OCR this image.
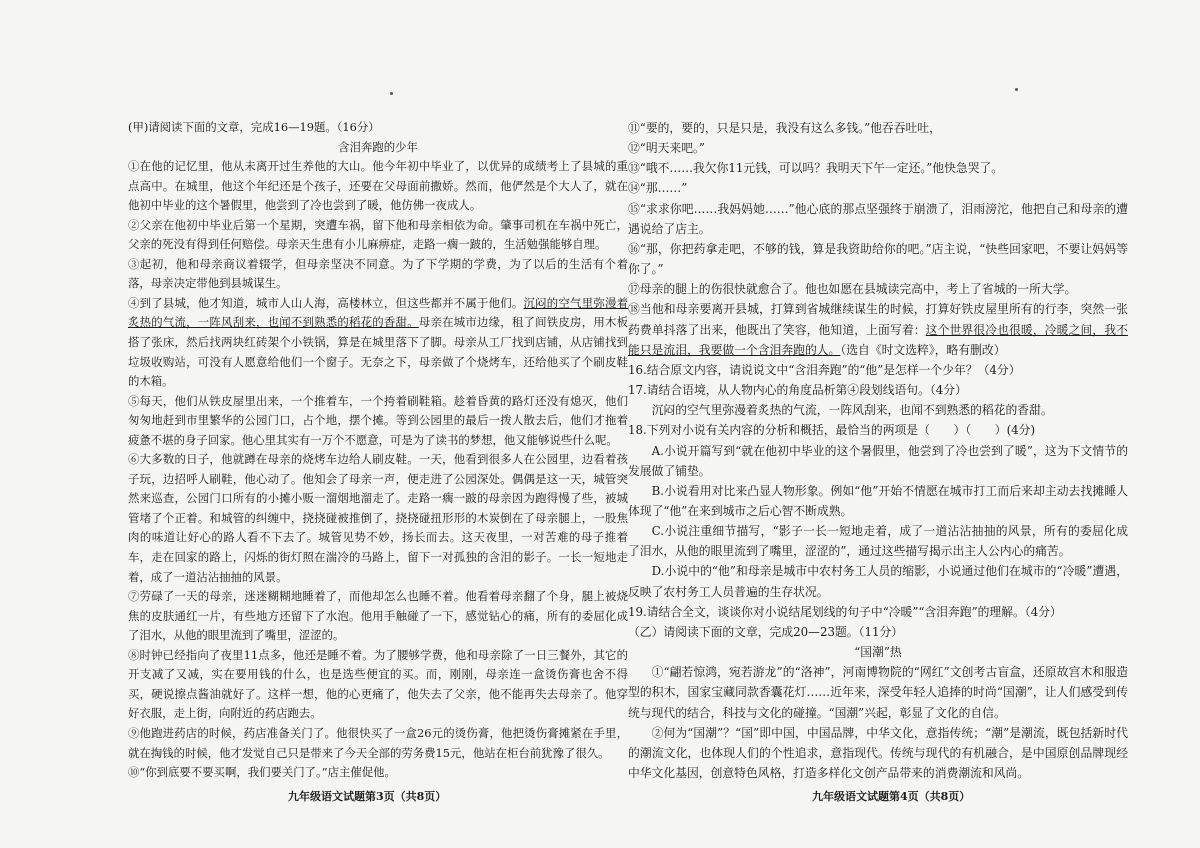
(甲)请阅读下面的文章，完成16—19题。（16分）

含泪奔跑的少年

①在他的记忆里，他从未离开过生养他的大山。他今年初中毕业了，以优异的成绩考上了县城的重点高中。在城里，他这个年纪还是个孩子，还要在父母面前撒娇。然而，他俨然是个大人了，就在他初中毕业的这个暑假里，他尝到了冷也尝到了暖，他仿佛一夜成人。

②父亲在他初中毕业后第一个星期，突遭车祸，留下他和母亲相依为命。肇事司机在车祸中死亡，父亲的死没有得到任何赔偿。母亲天生患有小儿麻痹症，走路一瘸一跛的，生活勉强能够自理。

③起初，他和母亲商议着辍学，但母亲坚决不同意。为了下学期的学费，为了以后的生活有个着落，母亲决定带他到县城谋生。

④到了县城，他才知道，城市人山人海，高楼林立，但这些都并不属于他们。沉闷的空气里弥漫着炙热的气流，一阵风刮来，也闻不到熟悉的稻花的香甜。母亲在城市边缘，租了间铁皮房，用木板搭了张床，然后找两块红砖架个小铁锅，算是在城里落下了脚。母亲从工厂找到店铺，从店铺找到垃圾收购站，可没有人愿意给他们一个窗子。无奈之下，母亲做了个烧烤车，还给他买了个刷皮鞋的木箱。

⑤每天，他们从铁皮屋里出来，一个推着车，一个挎着刷鞋箱。趁着昏黄的路灯还没有熄灭，他们匆匆地赶到市里繁华的公园门口，占个地，摆个摊。等到公园里的最后一拨人散去后，他们才拖着疲惫不堪的身子回家。他心里其实有一万个不愿意，可是为了读书的梦想，他又能够说些什么呢。

⑥大多数的日子，他就蹲在母亲的烧烤车边给人刷皮鞋。一天，他看到很多人在公园里，边看着孩子玩，边招呼人刷鞋，他心动了。他知会了母亲一声，便走进了公园深处。偶偶是这一天，城管突然来巡查，公园门口所有的小摊小贩一溜烟地溜走了。走路一瘸一跛的母亲因为跑得慢了些，被城管堵了个正着。和城管的纠缠中，挠挠碰被推倒了，挠挠碰扭形形的木炭倒在了母亲腿上，一股焦肉的味道让好心的路人看不下去了。城管见势不妙，扬长而去。这天夜里，一对苦难的母子推着车，走在回家的路上，闪烁的街灯照在湍冷的马路上，留下一对孤独的含泪的影子。一长一短地走着，成了一道沾沾抽抽的风景。

⑦劳碌了一天的母亲，迷迷糊糊地睡着了，而他却怎么也睡不着。他看着母亲翻了个身，腿上被烧焦的皮肤通红一片，有些地方还留下了水泡。他用手触碰了一下，感觉钻心的痛，所有的委屈化成了泪水，从他的眼里流到了嘴里，涩涩的。

⑧时钟已经指向了夜里11点多，他还是睡不着。为了腰够学费，他和母亲除了一日三餐外，其它的开支减了又减，实在要用钱的什么，也是选些便宜的买。而，刚刚，母亲连一盒烫伤膏也舍不得买，硬说擦点酱油就好了。这样一想，他的心更痛了，他失去了父亲，他不能再失去母亲了。他穿好衣服，走上街，向附近的药店跑去。

⑨他跑进药店的时候，药店准备关门了。他很快买了一盒26元的烫伤膏，他把烫伤膏摊紧在手里，就在掏钱的时候，他才发觉自己只是带来了今天全部的劳务费15元，他站在柜台前犹豫了很久。

⑩“你到底要不要买啊，我们要关门了。”店主催促他。

九年级语文试题第3页（共8页）

⑪“要的，要的，只是只是，我没有这么多钱。”他吞吞吐吐，

⑫“明天来吧。”

⑬“哦不……我欠你11元钱，可以吗？我明天下午一定还。”他快急哭了。

⑭“那……”

⑮“求求你吧……我妈妈她……”他心底的那点坚强终于崩溃了，泪雨滂沱，他把自己和母亲的遭遇说给了店主。

⑯“那，你把药拿走吧，不够的钱，算是我资助给你的吧。”店主说，“快些回家吧，不要让妈妈等你了。”

⑰母亲的腿上的伤很快就愈合了。他也如愿在县城读完高中，考上了省城的一所大学。

⑱当他和母亲要离开县城，打算到省城继续谋生的时候，打算好铁皮屋里所有的行李，突然一张药费单抖落了出来，他既出了笑容，他知道，上面写着：这个世界很冷也很暖，冷暖之间，我不能只是流泪，我要做一个含泪奔跑的人。（选自《时文选粹》，略有删改）

16.结合原文内容，请说说文中“含泪奔跑”的“他”是怎样一个少年？（4分）

17.请结合语境，从人物内心的角度品析第④段划线语句。（4分）

沉闷的空气里弥漫着炙热的气流，一阵风刮来，也闻不到熟悉的稻花的香甜。

18.下列对小说有关内容的分析和概括，最恰当的两项是（　　）（　　）(4分)

A.小说开篇写到“就在他初中毕业的这个暑假里，他尝到了冷也尝到了暖”，这为下文情节的发展做了铺垫。

B.小说看用对比来凸显人物形象。例如“他”开始不情愿在城市打工而后来却主动去找摊睡人体现了“他”在来到城市之后心智不断成熟。

C.小说注重细节描写，“影子一长一短地走着，成了一道沾沾抽抽的风景，所有的委屈化成了泪水，从他的眼里流到了嘴里，涩涩的”，通过这些描写揭示出主人公内心的痛苦。

D.小说中的“他”和母亲是城市中农村务工人员的缩影，小说通过他们在城市的“冷暖”遭遇，反映了农村务工人员普遍的生存状况。

19.请结合全文，谈谈你对小说结尾划线的句子中“冷暖”“含泪奔跑”的理解。（4分）

（乙）请阅读下面的文章，完成20—23题。（11分）

“国潮”热

①“翩若惊鸿，宛若游龙”的“洛神”，河南博物院的“网红”文创考古盲盒，还原故宫木和服造型的积木，国家宝藏同款香囊花灯……近年来，深受年轻人追捧的时尚“国潮”，让人们感受到传统与现代的结合，科技与文化的碰撞。“国潮”兴起，彰显了文化的自信。

②何为“国潮”？“国”即中国，中国品牌，中华文化，意指传统；“潮”是潮流，既包括新时代的潮流文化，也体现人们的个性追求，意指现代。传统与现代的有机融合，是中国原创品牌现经中华文化基因，创意特色风格，打造多样化文创产品带来的消费潮流和风尚。

九年级语文试题第4页（共8页）
